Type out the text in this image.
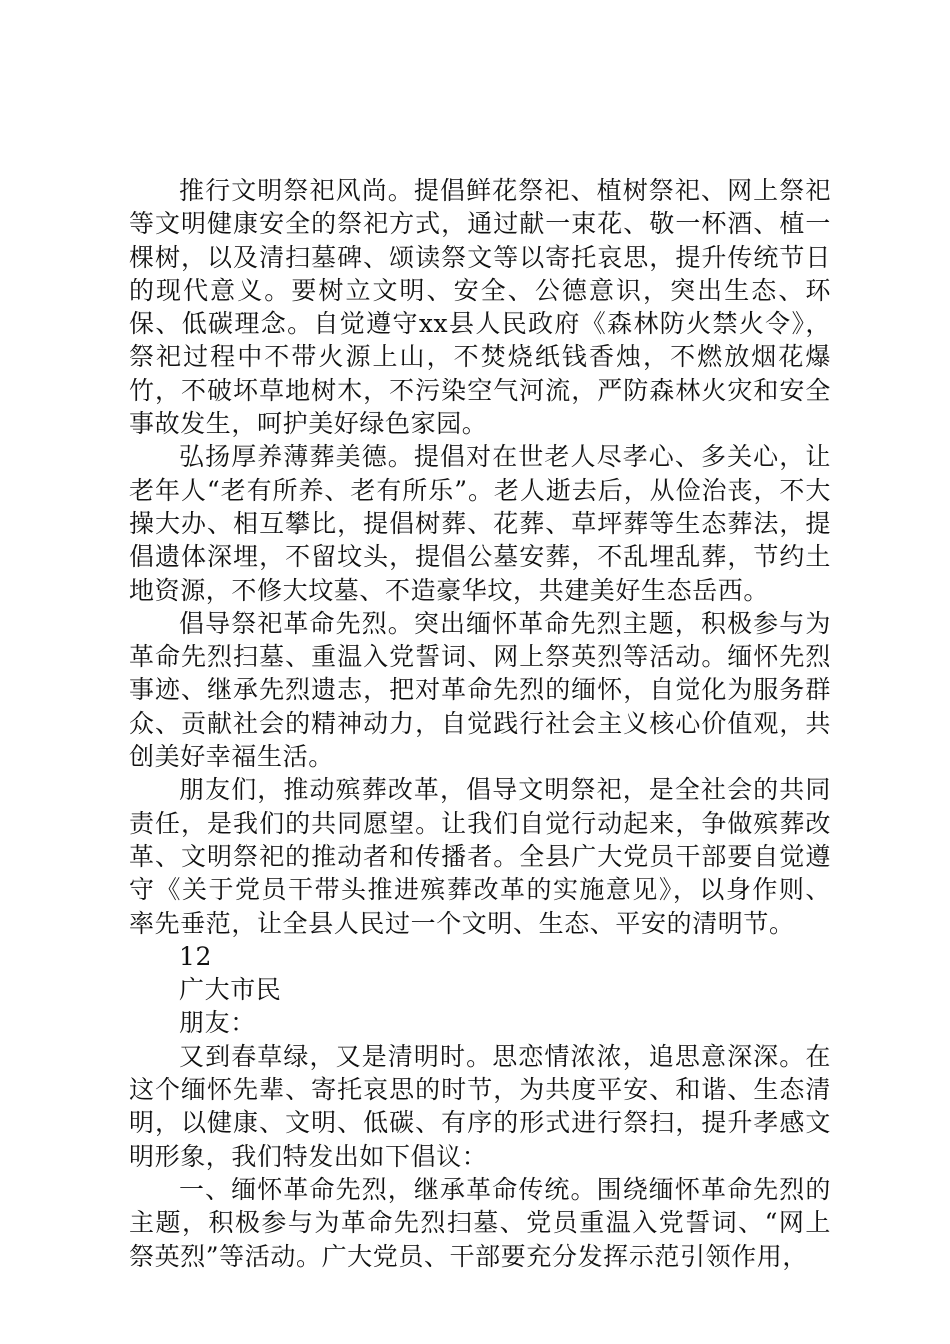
推行文明祭祀风尚。提倡鲜花祭祀、植树祭祀、网上祭祀等文明健康安全的祭祀方式，通过献一束花、敬一杯酒、植一棵树，以及清扫墓碑、颂读祭文等以寄托哀思，提升传统节日的现代意义。要树立文明、安全、公德意识，突出生态、环保、低碳理念。自觉遵守xx县人民政府《森林防火禁火令》，祭祀过程中不带火源上山，不焚烧纸钱香烛，不燃放烟花爆竹，不破坏草地树木，不污染空气河流，严防森林火灾和安全事故发生，呵护美好绿色家园。

弘扬厚养薄葬美德。提倡对在世老人尽孝心、多关心，让老年人“老有所养、老有所乐”。老人逝去后，从俭治丧，不大操大办、相互攀比，提倡树葬、花葬、草坪葬等生态葬法，提倡遗体深埋，不留坟头，提倡公墓安葬，不乱埋乱葬，节约土地资源，不修大坟墓、不造豪华坟，共建美好生态岳西。

倡导祭祀革命先烈。突出缅怀革命先烈主题，积极参与为革命先烈扫墓、重温入党誓词、网上祭英烈等活动。缅怀先烈事迹、继承先烈遗志，把对革命先烈的缅怀，自觉化为服务群众、贡献社会的精神动力，自觉践行社会主义核心价值观，共创美好幸福生活。

朋友们，推动殡葬改革，倡导文明祭祀，是全社会的共同责任，是我们的共同愿望。让我们自觉行动起来，争做殡葬改革、文明祭祀的推动者和传播者。全县广大党员干部要自觉遵守《关于党员干带头推进殡葬改革的实施意见》，以身作则、率先垂范，让全县人民过一个文明、生态、平安的清明节。

12

广大市民

朋友：

又到春草绿，又是清明时。思恋情浓浓，追思意深深。在这个缅怀先辈、寄托哀思的时节，为共度平安、和谐、生态清明，以健康、文明、低碳、有序的形式进行祭扫，提升孝感文明形象，我们特发出如下倡议：

一、缅怀革命先烈，继承革命传统。围绕缅怀革命先烈的主题，积极参与为革命先烈扫墓、党员重温入党誓词、“网上祭英烈”等活动。广大党员、干部要充分发挥示范引领作用，
